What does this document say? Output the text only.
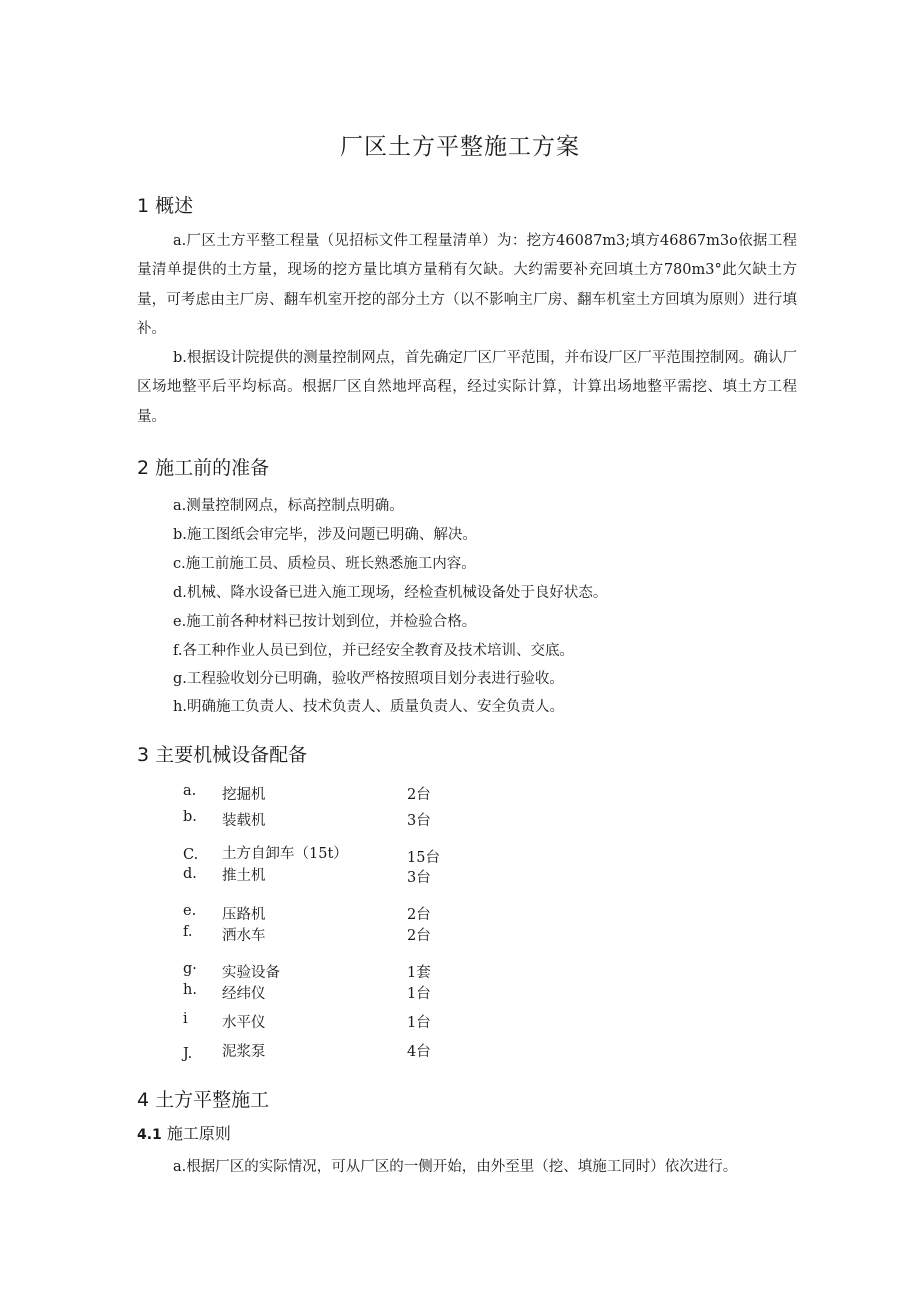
厂区土方平整施工方案
1 概述
a.厂区土方平整工程量（见招标文件工程量清单）为：挖方46087m3;填方46867m3o依据工程量清单提供的土方量，现场的挖方量比填方量稍有欠缺。大约需要补充回填土方780m3°此欠缺土方量，可考虑由主厂房、翻车机室开挖的部分土方（以不影响主厂房、翻车机室土方回填为原则）进行填补。
b.根据设计院提供的测量控制网点，首先确定厂区厂平范围，并布设厂区厂平范围控制网。确认厂区场地整平后平均标高。根据厂区自然地坪高程，经过实际计算，计算出场地整平需挖、填土方工程量。
2 施工前的准备
a.测量控制网点，标高控制点明确。
b.施工图纸会审完毕，涉及问题已明确、解决。
c.施工前施工员、质检员、班长熟悉施工内容。
d.机械、降水设备已进入施工现场，经检查机械设备处于良好状态。
e.施工前各种材料已按计划到位，并检验合格。
f.各工种作业人员已到位，并已经安全教育及技术培训、交底。
g.工程验收划分已明确，验收严格按照项目划分表进行验收。
h.明确施工负责人、技术负责人、质量负责人、安全负责人。
3 主要机械设备配备
a. 挖掘机	2台
b. 装载机	3台
C. 土方自卸车（15t）	15台
d. 推土机	3台
e. 压路机	2台
f. 洒水车	2台
g· 实验设备	1套
h. 经纬仪	1台
i 水平仪	1台
J. 泥浆泵	4台
4 土方平整施工
4.1 施工原则
a.根据厂区的实际情况，可从厂区的一侧开始，由外至里（挖、填施工同时）依次进行。
